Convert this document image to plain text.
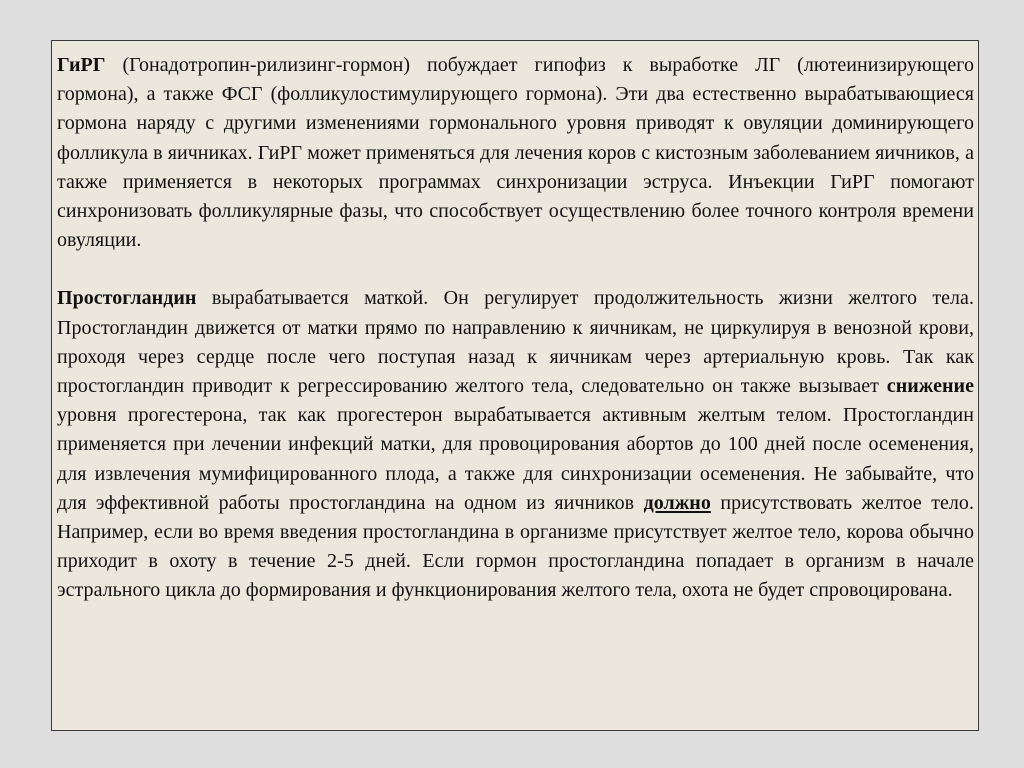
ГиРГ (Гонадотропин-рилизинг-гормон) побуждает гипофиз к выработке ЛГ (лютеинизирующего гормона), а также ФСГ (фолликулостимулирующего гормона). Эти два естественно вырабатывающиеся гормона наряду с другими изменениями гормонального уровня приводят к овуляции доминирующего фолликула в яичниках. ГиРГ может применяться для лечения коров с кистозным заболеванием яичников, а также применяется в некоторых программах синхронизации эструса. Инъекции ГиРГ помогают синхронизовать фолликулярные фазы, что способствует осуществлению более точного контроля времени овуляции.

Простогландин вырабатывается маткой. Он регулирует продолжительность жизни желтого тела. Простогландин движется от матки прямо по направлению к яичникам, не циркулируя в венозной крови, проходя через сердце после чего поступая назад к яичникам через артериальную кровь. Так как простогландин приводит к регрессированию желтого тела, следовательно он также вызывает снижение уровня прогестерона, так как прогестерон вырабатывается активным желтым телом. Простогландин применяется при лечении инфекций матки, для провоцирования абортов до 100 дней после осеменения, для извлечения мумифицированного плода, а также для синхронизации осеменения. Не забывайте, что для эффективной работы простогландина на одном из яичников должно присутствовать желтое тело. Например, если во время введения простогландина в организме присутствует желтое тело, корова обычно приходит в охоту в течение 2-5 дней. Если гормон простогландина попадает в организм в начале эстрального цикла до формирования и функционирования желтого тела, охота не будет спровоцирована.
